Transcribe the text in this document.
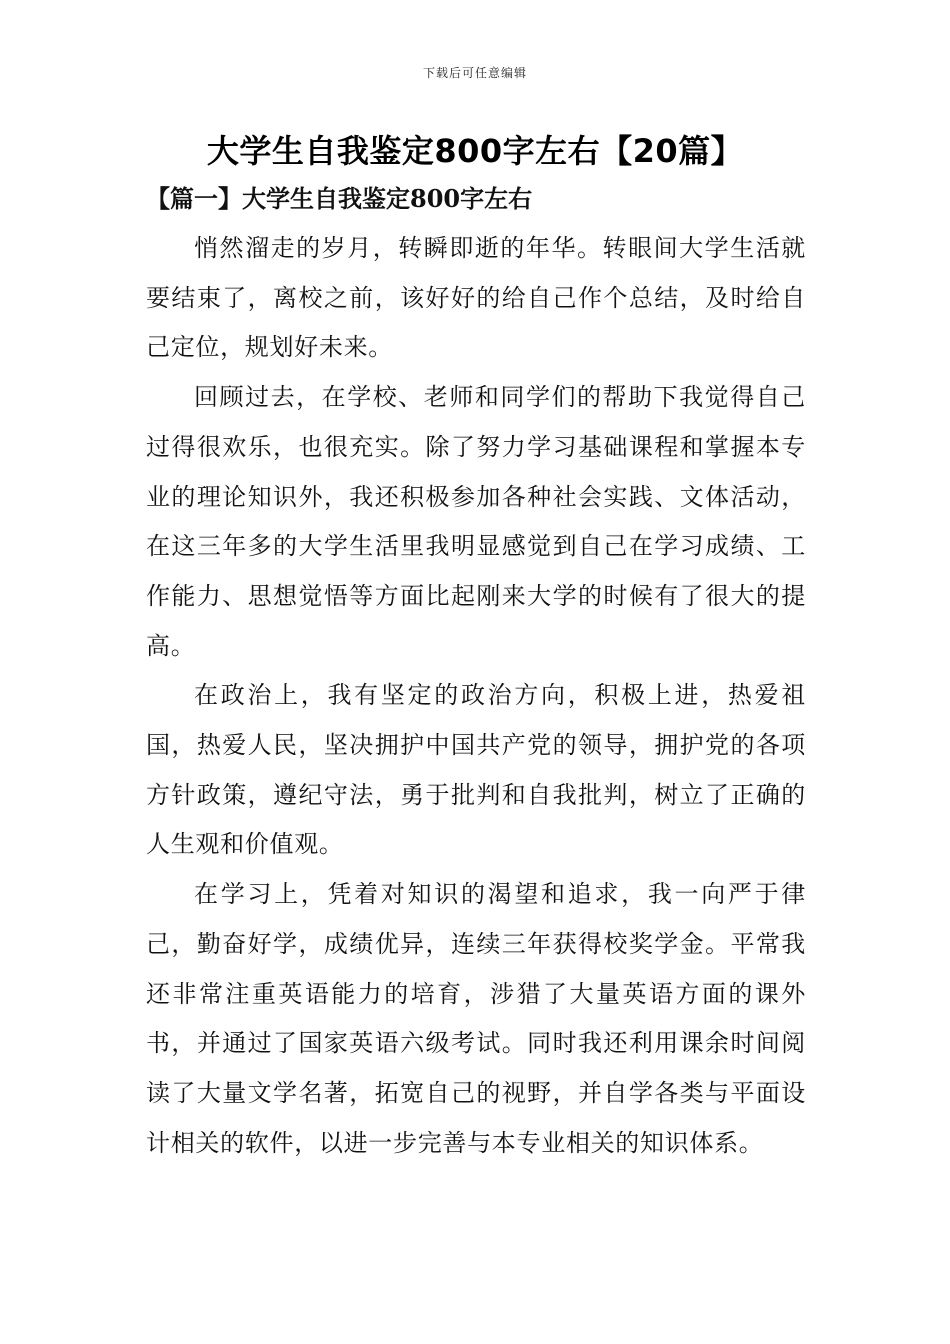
下载后可任意编辑
大学生自我鉴定800字左右【20篇】
【篇一】大学生自我鉴定800字左右

悄然溜走的岁月，转瞬即逝的年华。转眼间大学生活就要结束了，离校之前，该好好的给自己作个总结，及时给自己定位，规划好未来。

回顾过去，在学校、老师和同学们的帮助下我觉得自己过得很欢乐，也很充实。除了努力学习基础课程和掌握本专业的理论知识外，我还积极参加各种社会实践、文体活动，在这三年多的大学生活里我明显感觉到自己在学习成绩、工作能力、思想觉悟等方面比起刚来大学的时候有了很大的提高。

在政治上，我有坚定的政治方向，积极上进，热爱祖国，热爱人民，坚决拥护中国共产党的领导，拥护党的各项方针政策，遵纪守法，勇于批判和自我批判，树立了正确的人生观和价值观。

在学习上，凭着对知识的渴望和追求，我一向严于律己，勤奋好学，成绩优异，连续三年获得校奖学金。平常我还非常注重英语能力的培育，涉猎了大量英语方面的课外书，并通过了国家英语六级考试。同时我还利用课余时间阅读了大量文学名著，拓宽自己的视野，并自学各类与平面设计相关的软件，以进一步完善与本专业相关的知识体系。
